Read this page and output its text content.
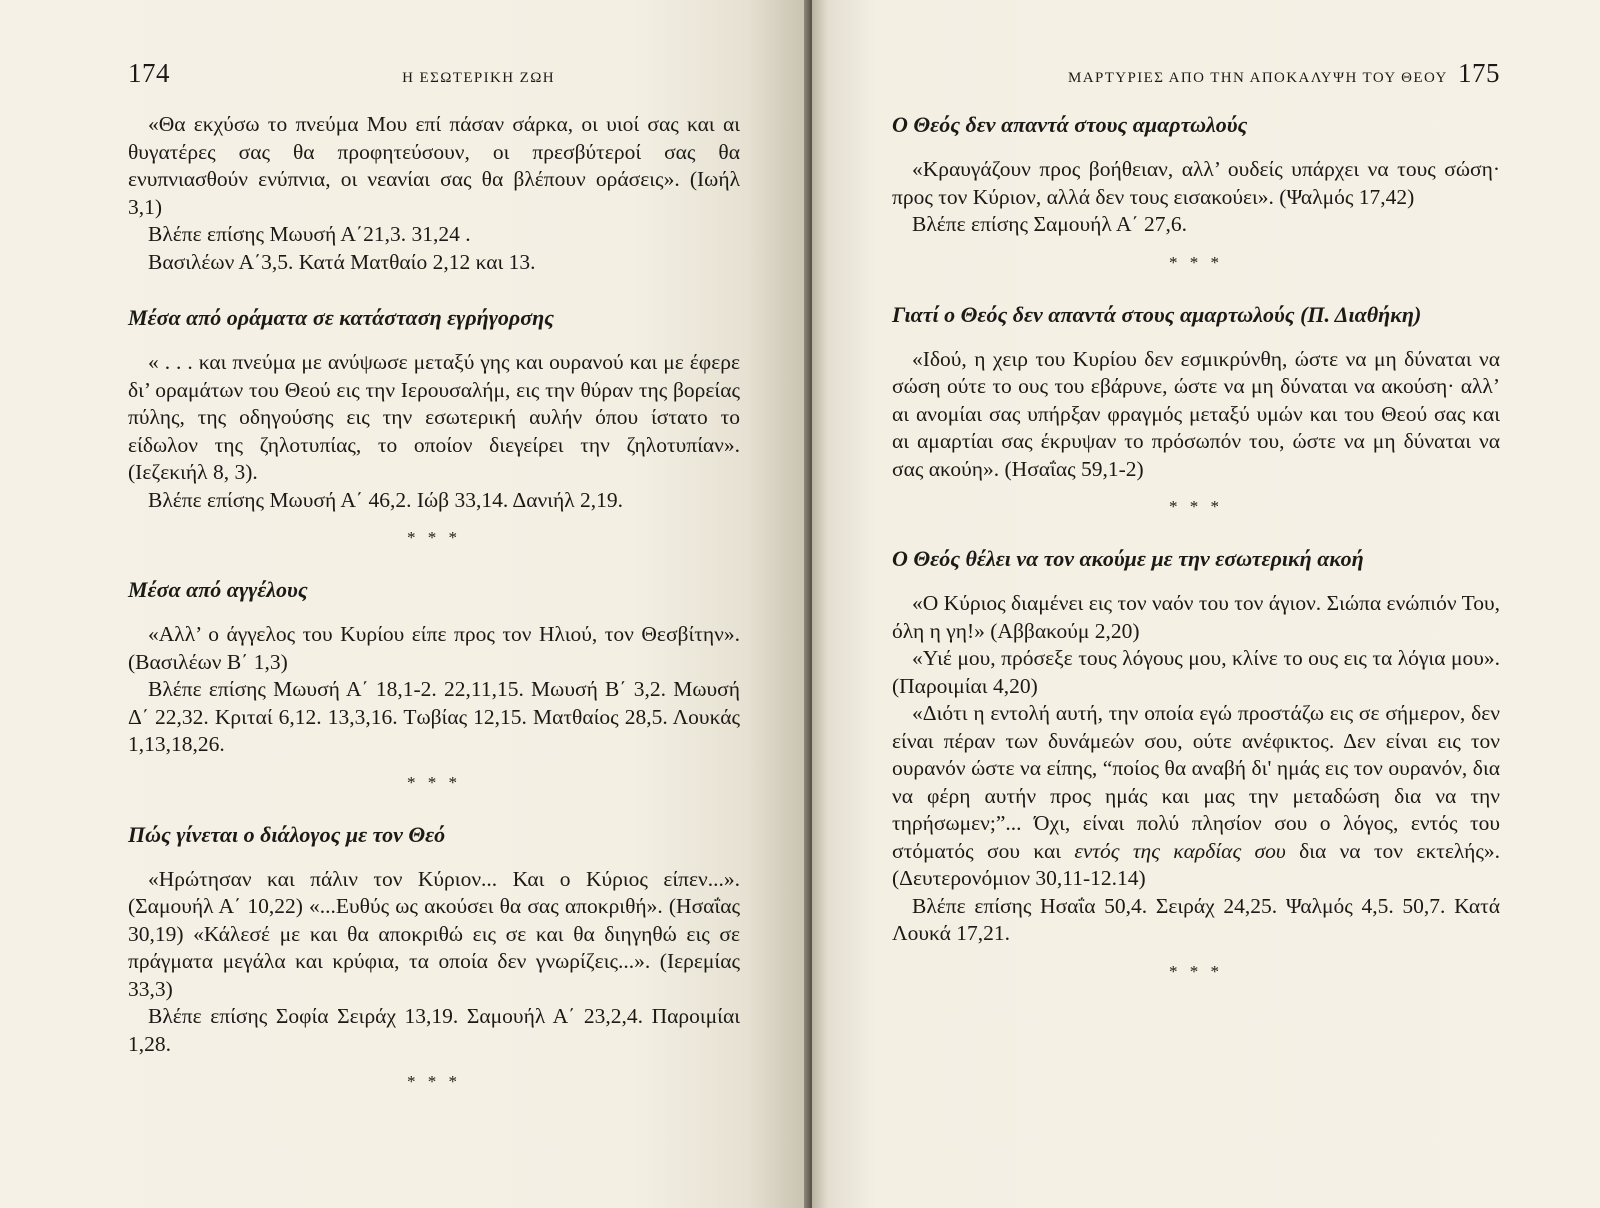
174	Η ΕΣΩΤΕΡΙΚΗ ΖΩΗ

«Θα εκχύσω το πνεύμα Μου επί πάσαν σάρκα, οι υιοί σας και αι θυγατέρες σας θα προφητεύσουν, οι πρεσβύτεροί σας θα ενυπνιασθούν ενύπνια, οι νεανίαι σας θα βλέπουν οράσεις». (Ιωήλ 3,1)

Βλέπε επίσης Μωυσή Α΄21,3. 31,24 .

Βασιλέων Α΄3,5. Κατά Ματθαίο 2,12 και 13.

Μέσα από οράματα σε κατάσταση εγρήγορσης

« . . . και πνεύμα με ανύψωσε μεταξύ γης και ουρανού και με έφερε δι’ οραμάτων του Θεού εις την Ιερουσαλήμ, εις την θύραν της βορείας πύλης, της οδηγούσης εις την εσωτερική αυλήν όπου ίστατο το είδωλον της ζηλοτυπίας, το οποίον διεγείρει την ζηλοτυπίαν». (Ιεζεκιήλ 8, 3).

Βλέπε επίσης Μωυσή Α΄ 46,2. Ιώβ 33,14. Δανιήλ 2,19.

* * *
Μέσα από αγγέλους

«Αλλ’ ο άγγελος του Κυρίου είπε προς τον Ηλιού, τον Θεσβίτην». (Βασιλέων Β΄ 1,3)

Βλέπε επίσης Μωυσή Α΄ 18,1-2. 22,11,15. Μωυσή Β΄ 3,2. Μωυσή Δ΄ 22,32. Κριταί 6,12. 13,3,16. Τωβίας 12,15. Ματθαίος 28,5. Λουκάς 1,13,18,26.

* * *
Πώς γίνεται ο διάλογος με τον Θεό

«Ηρώτησαν και πάλιν τον Κύριον... Και ο Κύριος είπεν...». (Σαμουήλ Α΄ 10,22) «...Ευθύς ως ακούσει θα σας αποκριθή». (Ησαΐας 30,19) «Κάλεσέ με και θα αποκριθώ εις σε και θα διηγηθώ εις σε πράγματα μεγάλα και κρύφια, τα οποία δεν γνωρίζεις...». (Ιερεμίας 33,3)

Βλέπε επίσης Σοφία Σειράχ 13,19. Σαμουήλ Α΄ 23,2,4. Παροιμίαι 1,28.

* * *
ΜΑΡΤΥΡΙΕΣ ΑΠΟ ΤΗΝ ΑΠΟΚΑΛΥΨΗ ΤΟΥ ΘΕΟΥ 175
Ο Θεός δεν απαντά στους αμαρτωλούς

«Κραυγάζουν προς βοήθειαν, αλλ’ ουδείς υπάρχει να τους σώση· προς τον Κύριον, αλλά δεν τους εισακούει». (Ψαλμός 17,42)

Βλέπε επίσης Σαμουήλ Α΄ 27,6.

* * *
Γιατί ο Θεός δεν απαντά στους αμαρτωλούς (Π. Διαθήκη)

«Ιδού, η χειρ του Κυρίου δεν εσμικρύνθη, ώστε να μη δύναται να σώση ούτε το ους του εβάρυνε, ώστε να μη δύναται να ακούση· αλλ’ αι ανομίαι σας υπήρξαν φραγμός μεταξύ υμών και του Θεού σας και αι αμαρτίαι σας έκρυψαν το πρόσωπόν του, ώστε να μη δύναται να σας ακούη». (Ησαΐας 59,1-2)

* * *
Ο Θεός θέλει να τον ακούμε με την εσωτερική ακοή

«Ο Κύριος διαμένει εις τον ναόν του τον άγιον. Σιώπα ενώπιόν Του, όλη η γη!» (Αββακούμ 2,20)

«Υιέ μου, πρόσεξε τους λόγους μου, κλίνε το ους εις τα λόγια μου». (Παροιμίαι 4,20)

«Διότι η εντολή αυτή, την οποία εγώ προστάζω εις σε σήμερον, δεν είναι πέραν των δυνάμεών σου, ούτε ανέφικτος. Δεν είναι εις τον ουρανόν ώστε να είπης, “ποίος θα αναβή δι' ημάς εις τον ουρανόν, δια να φέρη αυτήν προς ημάς και μας την μεταδώση δια να την τηρήσωμεν;”... Όχι, είναι πολύ πλησίον σου ο λόγος, εντός του στόματός σου και εντός της καρδίας σου δια να τον εκτελής». (Δευτερονόμιον 30,11-12.14)

Βλέπε επίσης Ησαΐα 50,4. Σειράχ 24,25. Ψαλμός 4,5. 50,7. Κατά Λουκά 17,21.

* * *
